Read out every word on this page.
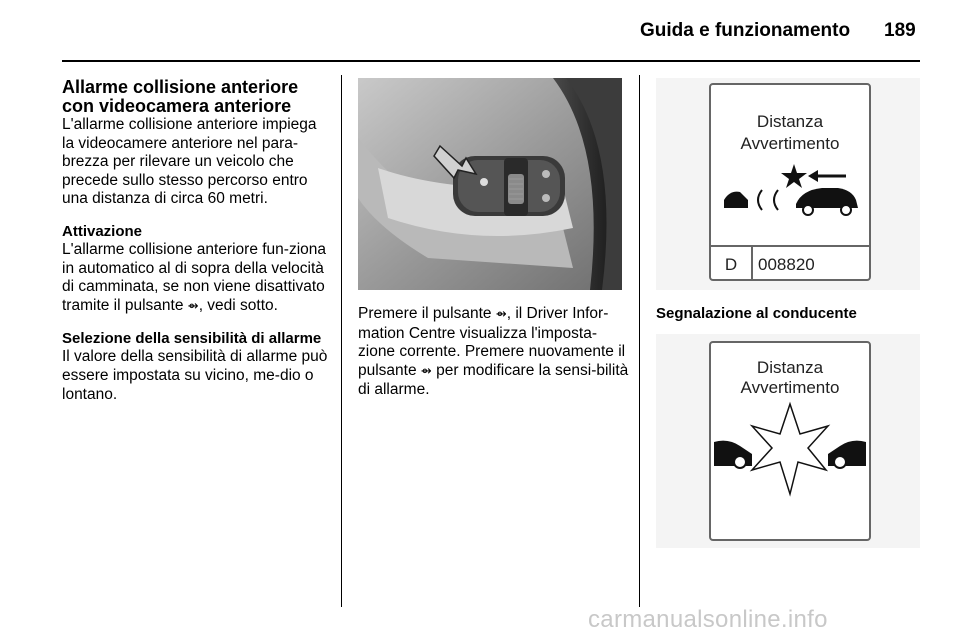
Guida e funzionamento 189

Allarme collisione anteriore con videocamera anteriore

L'allarme collisione anteriore impiega la videocamere anteriore nel para-brezza per rilevare un veicolo che precede sullo stesso percorso entro una distanza di circa 60 metri.

Attivazione

L'allarme collisione anteriore fun-ziona in automatico al di sopra della velocità di camminata, se non viene disattivato tramite il pulsante ⇴, vedi sotto.

Selezione della sensibilità di allarme

Il valore della sensibilità di allarme può essere impostata su vicino, me-dio o lontano.

Premere il pulsante ⇴, il Driver Infor-mation Centre visualizza l'imposta-zione corrente. Premere nuovamente il pulsante ⇴ per modificare la sensi-bilità di allarme.

Distanza
Avvertimento
D 008820

Segnalazione al conducente

Distanza
Avvertimento
carmanualsonline.info
